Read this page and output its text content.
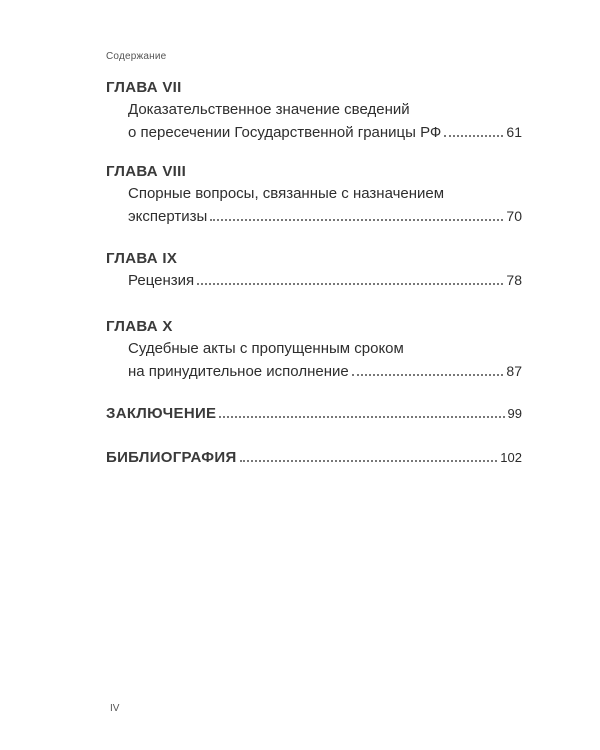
Содержание
ГЛАВА VII
Доказательственное значение сведений
о пересечении Государственной границы РФ	61
ГЛАВА VIII
Спорные вопросы, связанные с назначением
экспертизы	70
ГЛАВА IX
Рецензия	78
ГЛАВА X
Судебные акты с пропущенным сроком
на принудительное исполнение	87
ЗАКЛЮЧЕНИЕ	99
БИБЛИОГРАФИЯ	102
IV
